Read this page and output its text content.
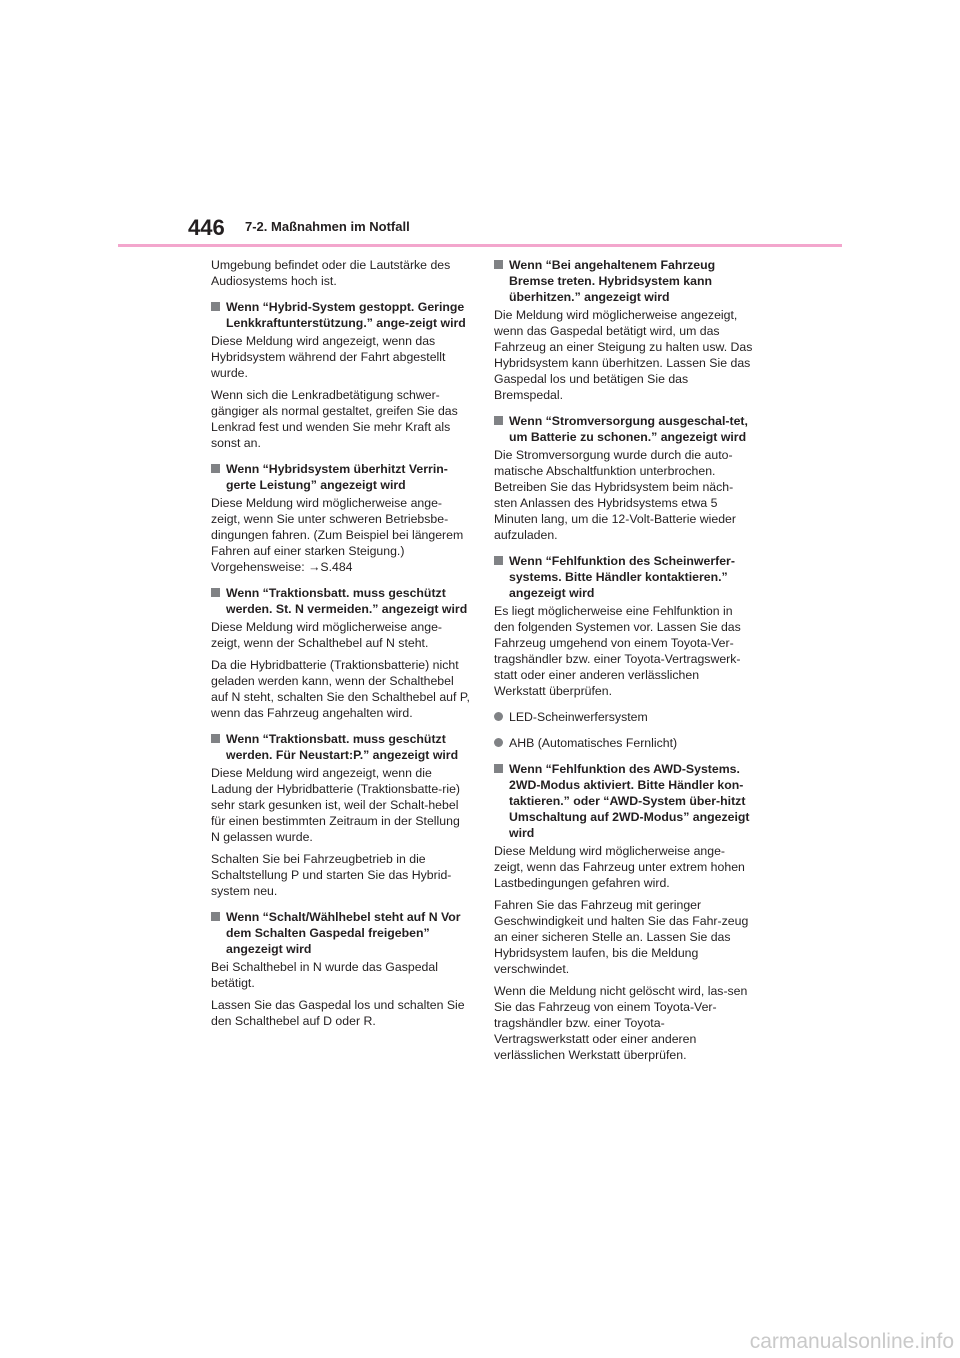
446 7-2. Maßnahmen im Notfall

Umgebung befindet oder die Lautstärke des Audiosystems hoch ist.

Wenn “Hybrid-System gestoppt. Geringe Lenkkraftunterstützung.” ange-zeigt wird

Diese Meldung wird angezeigt, wenn das Hybridsystem während der Fahrt abgestellt wurde.

Wenn sich die Lenkradbetätigung schwer-gängiger als normal gestaltet, greifen Sie das Lenkrad fest und wenden Sie mehr Kraft als sonst an.

Wenn “Hybridsystem überhitzt Verrin-gerte Leistung” angezeigt wird

Diese Meldung wird möglicherweise ange-zeigt, wenn Sie unter schweren Betriebsbe-dingungen fahren. (Zum Beispiel bei längerem Fahren auf einer starken Steigung.) Vorgehensweise: →S.484

Wenn “Traktionsbatt. muss geschützt werden. St. N vermeiden.” angezeigt wird

Diese Meldung wird möglicherweise ange-zeigt, wenn der Schalthebel auf N steht.

Da die Hybridbatterie (Traktionsbatterie) nicht geladen werden kann, wenn der Schalthebel auf N steht, schalten Sie den Schalthebel auf P, wenn das Fahrzeug angehalten wird.

Wenn “Traktionsbatt. muss geschützt werden. Für Neustart:P.” angezeigt wird

Diese Meldung wird angezeigt, wenn die Ladung der Hybridbatterie (Traktionsbatte-rie) sehr stark gesunken ist, weil der Schalt-hebel für einen bestimmten Zeitraum in der Stellung N gelassen wurde.

Schalten Sie bei Fahrzeugbetrieb in die Schaltstellung P und starten Sie das Hybrid-system neu.

Wenn “Schalt/Wählhebel steht auf N Vor dem Schalten Gaspedal freigeben” angezeigt wird

Bei Schalthebel in N wurde das Gaspedal betätigt.

Lassen Sie das Gaspedal los und schalten Sie den Schalthebel auf D oder R.

Wenn “Bei angehaltenem Fahrzeug Bremse treten. Hybridsystem kann überhitzen.” angezeigt wird

Die Meldung wird möglicherweise angezeigt, wenn das Gaspedal betätigt wird, um das Fahrzeug an einer Steigung zu halten usw. Das Hybridsystem kann überhitzen. Lassen Sie das Gaspedal los und betätigen Sie das Bremspedal.

Wenn “Stromversorgung ausgeschal-tet, um Batterie zu schonen.” angezeigt wird

Die Stromversorgung wurde durch die auto-matische Abschaltfunktion unterbrochen. Betreiben Sie das Hybridsystem beim näch-sten Anlassen des Hybridsystems etwa 5 Minuten lang, um die 12-Volt-Batterie wieder aufzuladen.

Wenn “Fehlfunktion des Scheinwerfer-systems. Bitte Händler kontaktieren.” angezeigt wird

Es liegt möglicherweise eine Fehlfunktion in den folgenden Systemen vor. Lassen Sie das Fahrzeug umgehend von einem Toyota-Ver-tragshändler bzw. einer Toyota-Vertragswerk-statt oder einer anderen verlässlichen Werkstatt überprüfen.

LED-Scheinwerfersystem
AHB (Automatisches Fernlicht)
Wenn “Fehlfunktion des AWD-Systems. 2WD-Modus aktiviert. Bitte Händler kon-taktieren.” oder “AWD-System über-hitzt Umschaltung auf 2WD-Modus” angezeigt wird

Diese Meldung wird möglicherweise ange-zeigt, wenn das Fahrzeug unter extrem hohen Lastbedingungen gefahren wird.

Fahren Sie das Fahrzeug mit geringer Geschwindigkeit und halten Sie das Fahr-zeug an einer sicheren Stelle an. Lassen Sie das Hybridsystem laufen, bis die Meldung verschwindet.

Wenn die Meldung nicht gelöscht wird, las-sen Sie das Fahrzeug von einem Toyota-Ver-tragshändler bzw. einer Toyota-Vertragswerkstatt oder einer anderen verlässlichen Werkstatt überprüfen.

carmanualsonline.info
